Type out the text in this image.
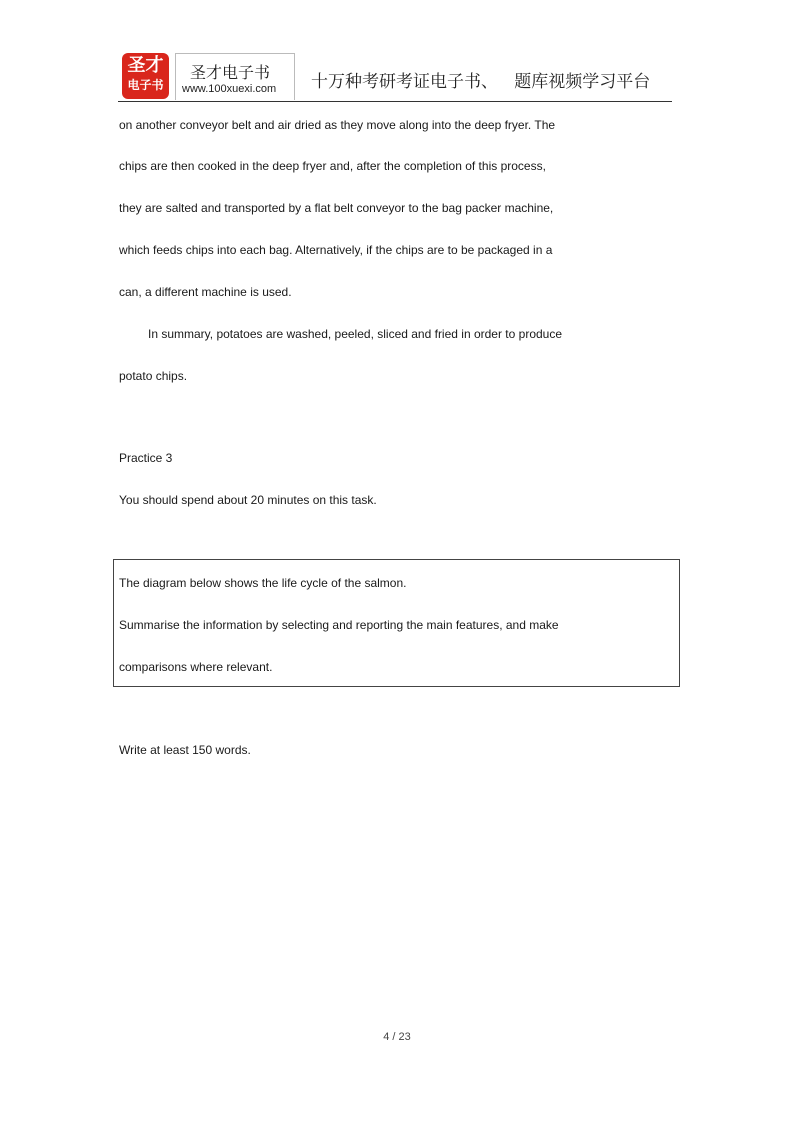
圣才
电子书
圣才电子书
www.100xuexi.com 十万种考研考证电子书、   题库视频学习平台
on another conveyor belt and air dried as they move along into the deep fryer. The
chips are then cooked in the deep fryer and, after the completion of this process,
they are salted and transported by a flat belt conveyor to the bag packer machine,
which feeds chips into each bag. Alternatively, if the chips are to be packaged in a
can, a different machine is used.
In summary, potatoes are washed, peeled, sliced and fried in order to produce
potato chips.
Practice 3
You should spend about 20 minutes on this task.
The diagram below shows the life cycle of the salmon.
Summarise the information by selecting and reporting the main features, and make
comparisons where relevant.
Write at least 150 words.
4 / 23
